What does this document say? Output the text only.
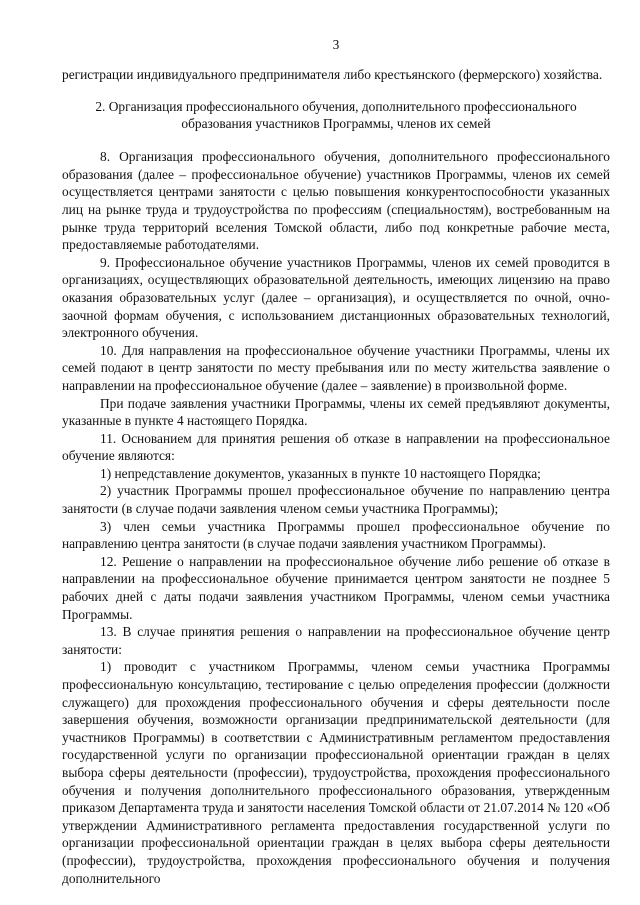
3

регистрации индивидуального предпринимателя либо крестьянского (фермерского) хозяйства.

2. Организация профессионального обучения, дополнительного профессионального образования участников Программы, членов их семей

8. Организация профессионального обучения, дополнительного профессионального образования (далее – профессиональное обучение) участников Программы, членов их семей осуществляется центрами занятости с целью повышения конкурентоспособности указанных лиц на рынке труда и трудоустройства по профессиям (специальностям), востребованным на рынке труда территорий вселения Томской области, либо под конкретные рабочие места, предоставляемые работодателями.

9. Профессиональное обучение участников Программы, членов их семей проводится в организациях, осуществляющих образовательной деятельность, имеющих лицензию на право оказания образовательных услуг (далее – организация), и осуществляется по очной, очно-заочной формам обучения, с использованием дистанционных образовательных технологий, электронного обучения.

10. Для направления на профессиональное обучение участники Программы, члены их семей подают в центр занятости по месту пребывания или по месту жительства заявление о направлении на профессиональное обучение (далее – заявление) в произвольной форме.

При подаче заявления участники Программы, члены их семей предъявляют документы, указанные в пункте 4 настоящего Порядка.

11. Основанием для принятия решения об отказе в направлении на профессиональное обучение являются:

1) непредставление документов, указанных в пункте 10 настоящего Порядка;

2) участник Программы прошел профессиональное обучение по направлению центра занятости (в случае подачи заявления членом семьи участника Программы);

3) член семьи участника Программы прошел профессиональное обучение по направлению центра занятости (в случае подачи заявления участником Программы).

12. Решение о направлении на профессиональное обучение либо решение об отказе в направлении на профессиональное обучение принимается центром занятости не позднее 5 рабочих дней с даты подачи заявления участником Программы, членом семьи участника Программы.

13. В случае принятия решения о направлении на профессиональное обучение центр занятости:

1) проводит с участником Программы, членом семьи участника Программы профессиональную консультацию, тестирование с целью определения профессии (должности служащего) для прохождения профессионального обучения и сферы деятельности после завершения обучения, возможности организации предпринимательской деятельности (для участников Программы) в соответствии с Административным регламентом предоставления государственной услуги по организации профессиональной ориентации граждан в целях выбора сферы деятельности (профессии), трудоустройства, прохождения профессионального обучения и получения дополнительного профессионального образования, утвержденным приказом Департамента труда и занятости населения Томской области от 21.07.2014 № 120 «Об утверждении Административного регламента предоставления государственной услуги по организации профессиональной ориентации граждан в целях выбора сферы деятельности (профессии), трудоустройства, прохождения профессионального обучения и получения дополнительного
